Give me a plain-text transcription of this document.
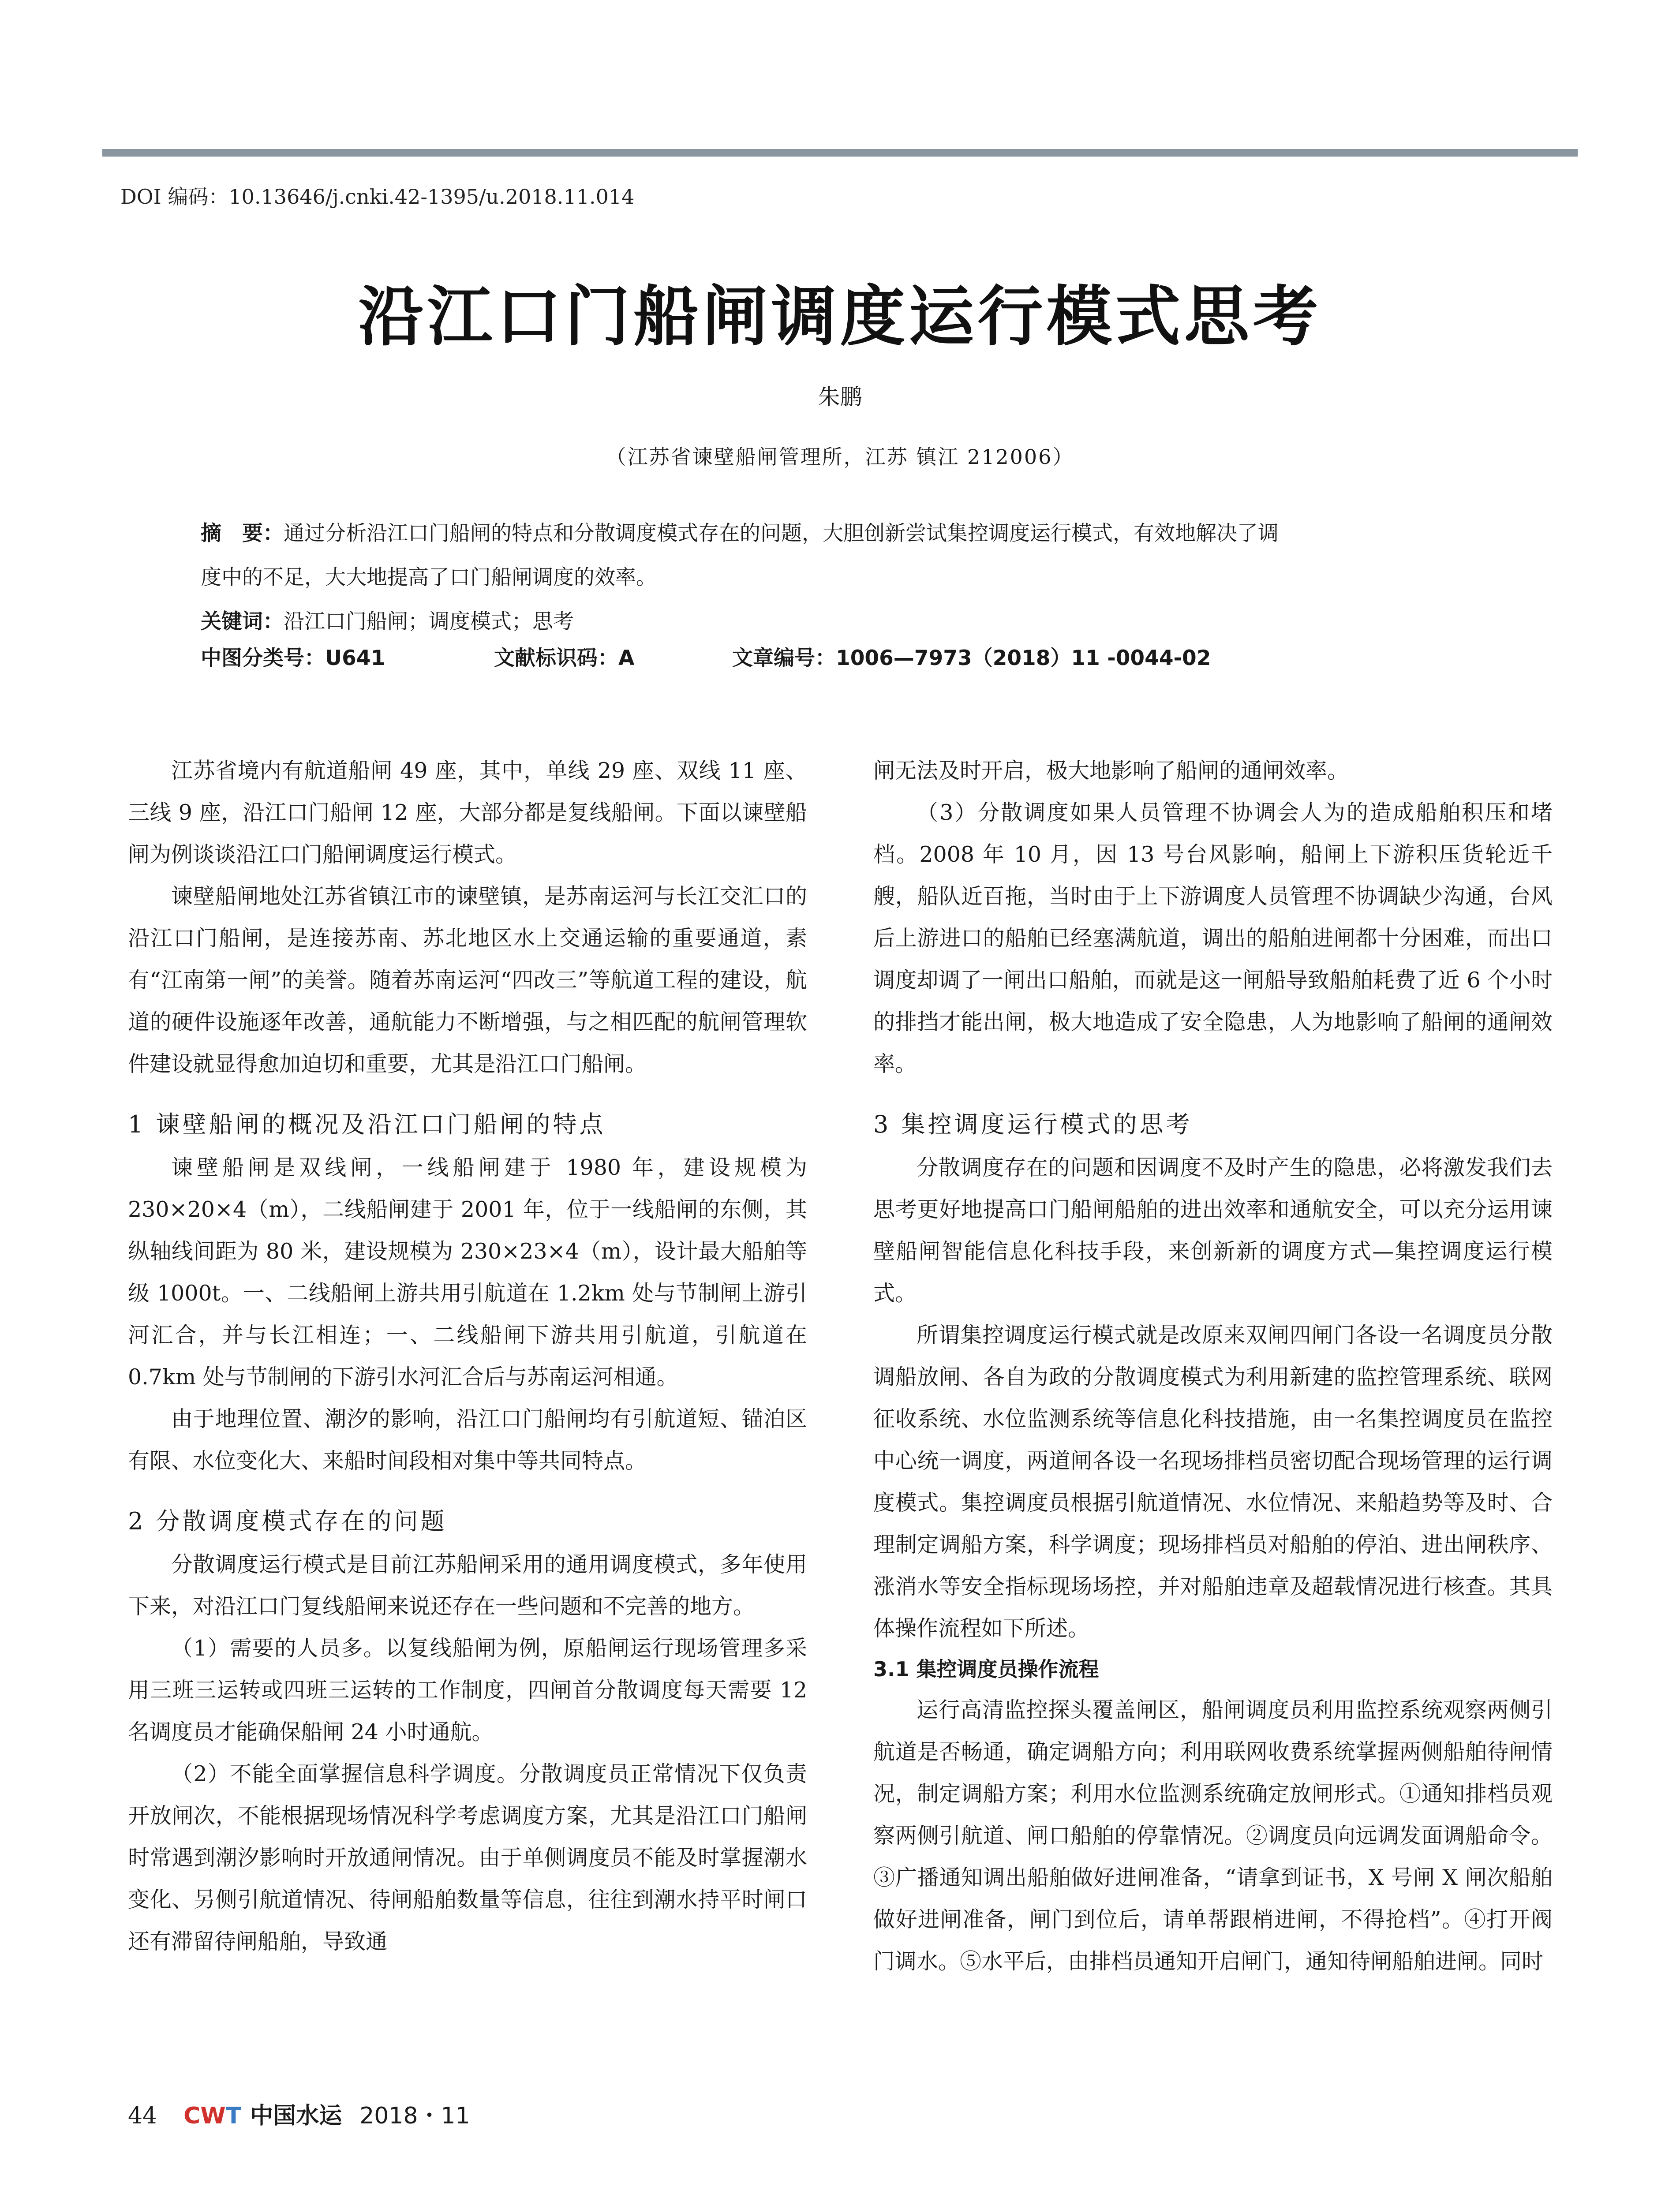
DOI 编码：10.13646/j.cnki.42-1395/u.2018.11.014
沿江口门船闸调度运行模式思考
朱鹏
（江苏省谏壁船闸管理所，江苏 镇江 212006）

摘　要：通过分析沿江口门船闸的特点和分散调度模式存在的问题，大胆创新尝试集控调度运行模式，有效地解决了调

度中的不足，大大地提高了口门船闸调度的效率。

关键词：沿江口门船闸；调度模式；思考

中图分类号：U641	文献标识码：A	文章编号：1006—7973（2018）11 -0044-02

江苏省境内有航道船闸 49 座，其中，单线 29 座、双线 11 座、三线 9 座，沿江口门船闸 12 座，大部分都是复线船闸。下面以谏壁船闸为例谈谈沿江口门船闸调度运行模式。

谏壁船闸地处江苏省镇江市的谏壁镇，是苏南运河与长江交汇口的沿江口门船闸，是连接苏南、苏北地区水上交通运输的重要通道，素有“江南第一闸”的美誉。随着苏南运河“四改三”等航道工程的建设，航道的硬件设施逐年改善，通航能力不断增强，与之相匹配的航闸管理软件建设就显得愈加迫切和重要，尤其是沿江口门船闸。

1 谏壁船闸的概况及沿江口门船闸的特点

谏壁船闸是双线闸，一线船闸建于 1980 年，建设规模为 230×20×4（m），二线船闸建于 2001 年，位于一线船闸的东侧，其纵轴线间距为 80 米，建设规模为 230×23×4（m），设计最大船舶等级 1000t。一、二线船闸上游共用引航道在 1.2km 处与节制闸上游引河汇合，并与长江相连；一、二线船闸下游共用引航道，引航道在 0.7km 处与节制闸的下游引水河汇合后与苏南运河相通。

由于地理位置、潮汐的影响，沿江口门船闸均有引航道短、锚泊区有限、水位变化大、来船时间段相对集中等共同特点。

2 分散调度模式存在的问题

分散调度运行模式是目前江苏船闸采用的通用调度模式，多年使用下来，对沿江口门复线船闸来说还存在一些问题和不完善的地方。

（1）需要的人员多。以复线船闸为例，原船闸运行现场管理多采用三班三运转或四班三运转的工作制度，四闸首分散调度每天需要 12 名调度员才能确保船闸 24 小时通航。

（2）不能全面掌握信息科学调度。分散调度员正常情况下仅负责开放闸次，不能根据现场情况科学考虑调度方案，尤其是沿江口门船闸时常遇到潮汐影响时开放通闸情况。由于单侧调度员不能及时掌握潮水变化、另侧引航道情况、待闸船舶数量等信息，往往到潮水持平时闸口还有滞留待闸船舶，导致通

闸无法及时开启，极大地影响了船闸的通闸效率。

（3）分散调度如果人员管理不协调会人为的造成船舶积压和堵档。2008 年 10 月，因 13 号台风影响，船闸上下游积压货轮近千艘，船队近百拖，当时由于上下游调度人员管理不协调缺少沟通，台风后上游进口的船舶已经塞满航道，调出的船舶进闸都十分困难，而出口调度却调了一闸出口船舶，而就是这一闸船导致船舶耗费了近 6 个小时的排挡才能出闸，极大地造成了安全隐患，人为地影响了船闸的通闸效率。

3 集控调度运行模式的思考

分散调度存在的问题和因调度不及时产生的隐患，必将激发我们去思考更好地提高口门船闸船舶的进出效率和通航安全，可以充分运用谏壁船闸智能信息化科技手段，来创新新的调度方式—集控调度运行模式。

所谓集控调度运行模式就是改原来双闸四闸门各设一名调度员分散调船放闸、各自为政的分散调度模式为利用新建的监控管理系统、联网征收系统、水位监测系统等信息化科技措施，由一名集控调度员在监控中心统一调度，两道闸各设一名现场排档员密切配合现场管理的运行调度模式。集控调度员根据引航道情况、水位情况、来船趋势等及时、合理制定调船方案，科学调度；现场排档员对船舶的停泊、进出闸秩序、涨消水等安全指标现场场控，并对船舶违章及超载情况进行核查。其具体操作流程如下所述。

3.1 集控调度员操作流程

运行高清监控探头覆盖闸区，船闸调度员利用监控系统观察两侧引航道是否畅通，确定调船方向；利用联网收费系统掌握两侧船舶待闸情况，制定调船方案；利用水位监测系统确定放闸形式。①通知排档员观察两侧引航道、闸口船舶的停靠情况。②调度员向远调发面调船命令。③广播通知调出船舶做好进闸准备，“请拿到证书，X 号闸 X 闸次船舶做好进闸准备，闸门到位后，请单帮跟梢进闸，不得抢档”。④打开阀门调水。⑤水平后，由排档员通知开启闸门，通知待闸船舶进闸。同时

44 CWT 中国水运 2018・11
